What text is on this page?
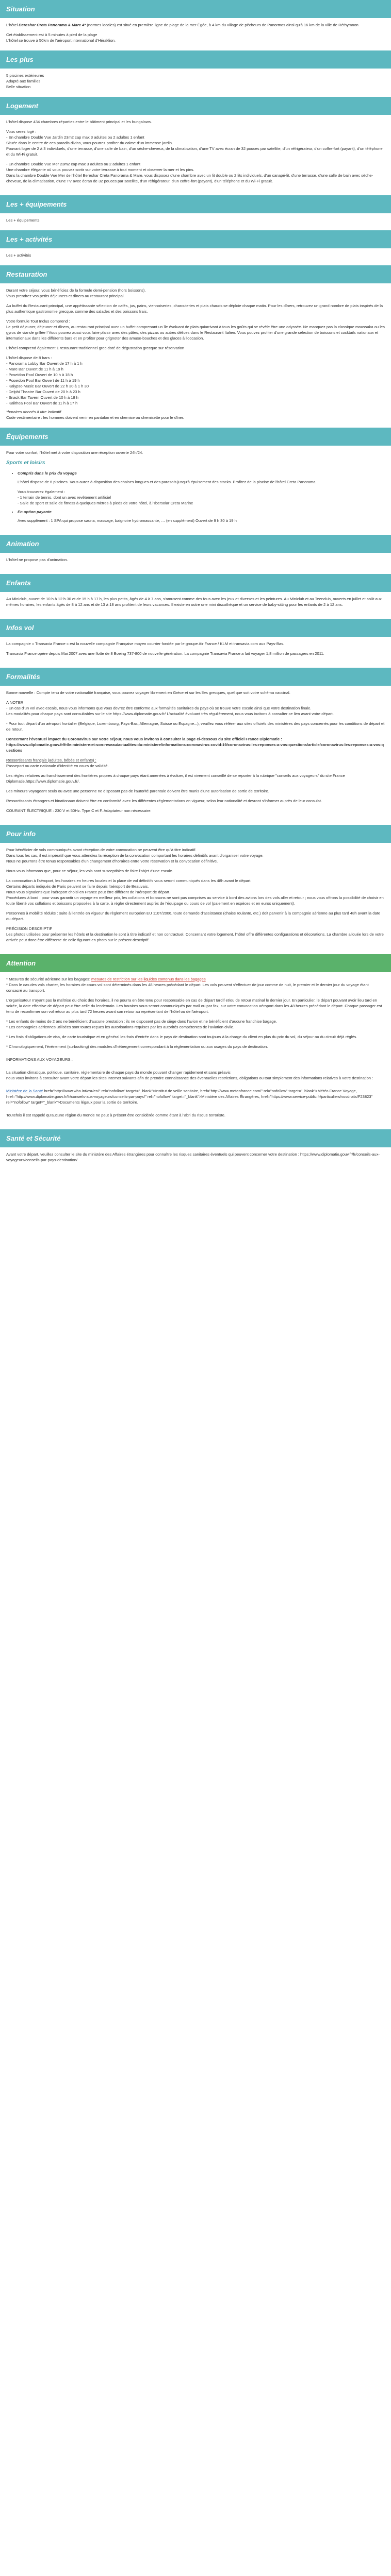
Situation

L'hôtel Bereshar Creta Panorama & Mare 4* (normes locales) est situé en première ligne de plage de la mer Égée, à 4 km du village de pêcheurs de Panormos ainsi qu'à 16 km de la ville de Réthymnon

Cet établissement est à 5 minutes à pied de la plage
L'hôtel se trouve à 50km de l'aéroport international d'Héraklion.
Les plus
5 piscines extérieures
Adapté aux familles
Belle situation
Logement

L'hôtel dispose 434 chambres réparties entre le bâtiment principal et les bungalows.

Vous serez logé :
- En chambre Double Vue Jardin 23m2 cap max 3 adultes ou 2 adultes 1 enfant
Située dans le centre de ces paradis divins, vous pourrez profiter du calme d'un immense jardin.

Pouvant loger de 2 à 3 individuels, d'une terrasse, d'une salle de bain, d'un sèche-cheveux, de la climatisation, d'une TV avec écran de 32 pouces par satellite, d'un réfrigérateur, d'un coffre-fort (payant), d'un téléphone et du Wi-Fi gratuit.

- En chambre Double Vue Mer 23m2 cap max 3 adultes ou 2 adultes 1 enfant
Une chambre élégante où vous pouvez sortir sur votre terrasse à tout moment et observer la mer et les pins.

Dans la chambre Double Vue Mer de l'hôtel Bereshar Creta Panorama & Mare, vous disposez d'une chambre avec un lit double ou 2 lits individuels, d'un canapé-lit, d'une terrasse, d'une salle de bain avec sèche-cheveux, de la climatisation, d'une TV avec écran de 32 pouces par satellite, d'un réfrigérateur, d'un coffre-fort (payant), d'un téléphone et du Wi-Fi gratuit.

Les + équipements
Les + équipements
Les + activités
Les + activités
Restauration
Durant votre séjour, vous bénéficiez de la formule demi-pension (hors boissons).

Vous prendrez vos petits déjeuners et dîners au restaurant principal.

Au buffet du Restaurant principal, une appétissante sélection de cafés, jus, pains, viennoiseries, charcuteries et plats chauds se déploie chaque matin. Pour les dîners, retrouvez un grand nombre de plats inspirés de la plus authentique gastronomie grecque, comme des salades et des poissons frais.

Votre formule Tout Inclus comprend :

Le petit déjeuner, déjeuner et dîners, au restaurant principal avec un buffet comprenant un île évoluant de plats quiarrivant à tous les goûts qui se révèle être une odyssée. Ne manquez pas la classique moussaka ou les gyros de viande grillée ! Vous pouvez aussi vous faire plaisir avec des pâtes, des pizzas ou autres délices dans le Restaurant Italien. Vous pouvez profiter d'une grande sélection de boissons et cocktails nationaux et internationaux dans les différents bars et en profiter pour grignoter des amuse-bouches et des glaces à l'occasion.

L'hôtel comprend également 1 restaurant traditionnel grec doté de dégustation grecque sur réservation

L'hôtel dispose de 8 bars :
- Panorama Lobby Bar Ouvert de 17 h à 1 h
- Mare Bar Ouvert de 11 h à 19 h
- Poseidon Pool Ouvert de 10 h à 18 h
- Poseidon Pool Bar Ouvert de 11 h à 19 h
- Kalypso Music Bar Ouvert de 22 h 30 à 1 h 30
- Delphi Theatre Bar Ouvert de 20 h à 23 h
- Snack Bar Tavern Ouvert de 10 h à 18 h
- Kalithea Pool Bar Ouvert de 11 h à 17 h
*horaires donnés à titre indicatif
Code vestimentaire : les hommes doivent venir en pantalon et en chemise ou chemisette pour le dîner.
Équipements

Pour votre confort, l'hôtel met à votre disposition une réception ouverte 24h/24.

Sports et loisirs
• Compris dans le prix du voyage

L'hôtel dispose de 6 piscines. Vous aurez à disposition des chaises longues et des parasols jusqu'à épuisement des stocks. Profitez de la piscine de l'hôtel Creta Panorama.

Vous trouverez également :
- 1 terrain de tennis, dont un avec revêtement artificiel
- Salle de sport et salle de fitness à quelques mètres à pieds de votre hôtel, à l'Ibersolar Creta Marine
• En option payante

Avec supplément : 1 SPA qui propose sauna, massage, baignoire hydromassante, … (en supplément) Ouvert de 9 h 30 à 19 h

Animation

L'hôtel ne propose pas d'animation.

Enfants

Au Miniclub, ouvert de 10 h à 12 h 30 et de 15 h à 17 h, les plus petits, âgés de 4 à 7 ans, s'amusent comme des fous avec les jeux et diverses et les peintures. Au Miniclub et au Teenclub, ouverts en juillet et août aux mêmes horaires, les enfants âgés de 8 à 12 ans et de 13 à 18 ans profitent de leurs vacances. Il existe en outre une mini discothèque et un service de baby-sitting pour les enfants de 2 à 12 ans.

Infos vol

La compagnie « Transavia France » est la nouvelle compagnie Française moyen courrier fondée par le groupe Air France / KLM et transavia.com aux Pays-Bas.

Transavia France opère depuis Mai 2007 avec une flotte de 8 Boeing 737-800 de nouvelle génération. La compagnie Transavia France a fait voyager 1,8 million de passagers en 2011.

Formalités

Bonne nouvelle : Compte tenu de votre nationalité française, vous pouvez voyager librement en Grèce et sur les îles grecques, quel que soit votre schéma vaccinal.

A NOTER
- En cas d'un vol avec escale, nous vous informons que vous devrez être conforme aux formalités sanitaires du pays où se trouve votre escale ainsi que votre destination finale.

Les modalités pour chaque pays sont consultables sur le site https://www.diplomatie.gouv.fr/ L'actualité évoluant très régulièrement, nous vous invitons à consulter ce lien avant votre départ.

- Pour tout départ d'un aéroport frontalier (Belgique, Luxembourg, Pays-Bas, Allemagne, Suisse ou Espagne...), veuillez vous référer aux sites officiels des ministères des pays concernés pour les conditions de départ et de retour.

Concernant l'éventuel impact du Coronavirus sur votre séjour, nous vous invitons à consulter la page ci-dessous du site officiel France Diplomatie :

https://www.diplomatie.gouv.fr/fr/le-ministere-et-son-reseau/actualites-du-ministere/informations-coronavirus-covid-19/coronavirus-les-reponses-a-vos-questions/article/coronavirus-les-reponses-a-vos-questions

Ressortissants français (adultes, bébés et enfants) :

Passeport ou carte nationale d'identité en cours de validité.

Les règles relatives au franchissement des frontières propres à chaque pays étant amenées à évoluer, il est vivement conseillé de se reporter à la rubrique "conseils aux voyageurs" du site France Diplomatie,https://www.diplomatie.gouv.fr/.

Les mineurs voyageant seuls ou avec une personne ne disposant pas de l'autorité parentale doivent être munis d'une autorisation de sortie de territoire.

Ressortissants étrangers et binationaux doivent être en conformité avec les différentes réglementations en vigueur, selon leur nationalité et devront s'informer auprès de leur consulat.

COURANT ÉLECTRIQUE : 230 V et 50Hz. Type C et F. Adaptateur non nécessaire.

Pour info
Pour bénéficier de vols communiqués avant réception de votre convocation ne peuvent être qu'à titre indicatif.
Dans tous les cas, il est impératif que vous attendiez la réception de la convocation comportant les horaires définitifs avant d'organiser votre voyage.

Nous ne pourrons être tenus responsables d'un changement d'horaires entre votre réservation et la convocation définitive.

Nous vous informons que, pour ce séjour, les vols sont susceptibles de faire l'objet d'une escale.

La convocation à l'aéroport, les horaires en heures locales et la place de vol définitifs vous seront communiqués dans les 48h avant le départ.
Certains départs indiqués de Paris peuvent se faire depuis l'aéroport de Beauvais.
Nous vous signalons que l'aéroport choisi en France peut être différent de l'aéroport de départ.

Procédures à bord : pour vous garantir un voyage en meilleur prix, les collations et boissons ne sont pas comprises au service à bord des avions lors des vols aller et retour ; nous vous offrons la possibilité de choisir en toute liberté vos collations et boissons proposées à la carte, à régler directement auprès de l'équipage ou cours de vol (paiement en espèces et en euros uniquement).

Personnes à mobilité réduite : suite à l'entrée en vigueur du règlement européen EU 1107/2006, toute demande d'assistance (chaise roulante, etc.) doit parvenir à la compagnie aérienne au plus tard 48h avant la date du départ.

PRÉCISION DESCRIPTIF

Les photos utilisées pour présenter les hôtels et la destination le sont à titre indicatif et non contractuel. Concernant votre logement, l'hôtel offre différentes configurations et décorations. La chambre allouée lors de votre arrivée peut donc être différente de celle figurant en photo sur le présent descriptif.

Attention
* Mesures de sécurité aérienne sur les bagages: mesures de restriction sur les liquides contenus dans les bagages

* Dans le cas des vols charter, les horaires de cours vol sont déterminés dans les 48 heures précédant le départ. Les vols peuvent s'effectuer de jour comme de nuit, le premier et le dernier jour du voyage étant consacré au transport.

L'organisateur n'ayant pas la maîtrise du choix des horaires, il ne pourra en être tenu pour responsable en cas de départ tardif et/ou de retour matinal le dernier jour. En particulier, le départ pouvant avoir lieu tard en soirée, la date effective de départ peut être celle du lendemain. Les horaires vous seront communiqués par mail ou par fax, sur votre convocation aéroport dans les 48 heures précédant le départ. Chaque passager est tenu de reconfirmer son vol retour au plus tard 72 heures avant son retour au représentant de l'hôtel ou de l'aéroport.

* Les enfants de moins de 2 ans ne bénéficient d'aucune prestation : ils ne disposent pas de siège dans l'avion et ne bénéficient d'aucune franchise bagage.

* Les compagnies aériennes utilisées sont toutes reçues les autorisations requises par les autorités compétentes de l'aviation civile.

* Les frais d'obligations de visa, de carte touristique et en général les frais d'entrée dans le pays de destination sont toujours à la charge du client en plus du prix du vol, du séjour ou du circuit déjà réglés.

* Chronologiquement, l'évènement (surbooking) des modules d'hébergement correspondant à la réglementation ou aux usages du pays de destination.

INFORMATIONS AUX VOYAGEURS :

La situation climatique, politique, sanitaire, réglementaire de chaque pays du monde pouvant changer rapidement et sans préavis

nous vous invitons à consulter avant votre départ les sites Internet suivants afin de prendre connaissance des éventuelles restrictions, obligations ou tout simplement des informations relatives à votre destination :

Ministère de la Santé href="http://www.who.int/csr/en/" rel="nofollow" target="_blank">Institut de veille sanitaire, href="http://www.meteofrance.com/" rel="nofollow" target="_blank">Météo France Voyage, href="http://www.diplomatie.gouv.fr/fr/conseils-aux-voyageurs/conseils-par-pays/" rel="nofollow" target="_blank">Ministère des Affaires Étrangères, href="https://www.service-public.fr/particuliers/vosdroits/F23823" rel="nofollow" target="_blank">Documents légaux pour la sortie de territoire.

Toutefois il est rappelé qu'aucune région du monde ne peut à présent être considérée comme étant à l'abri du risque terroriste.

Santé et Sécurité

Avant votre départ, veuillez consulter le site du ministère des Affaires étrangères pour connaître les risques sanitaires éventuels qui peuvent concerner votre destination : https://www.diplomatie.gouv.fr/fr/conseils-aux-voyageurs/conseils-par-pays-destination/
